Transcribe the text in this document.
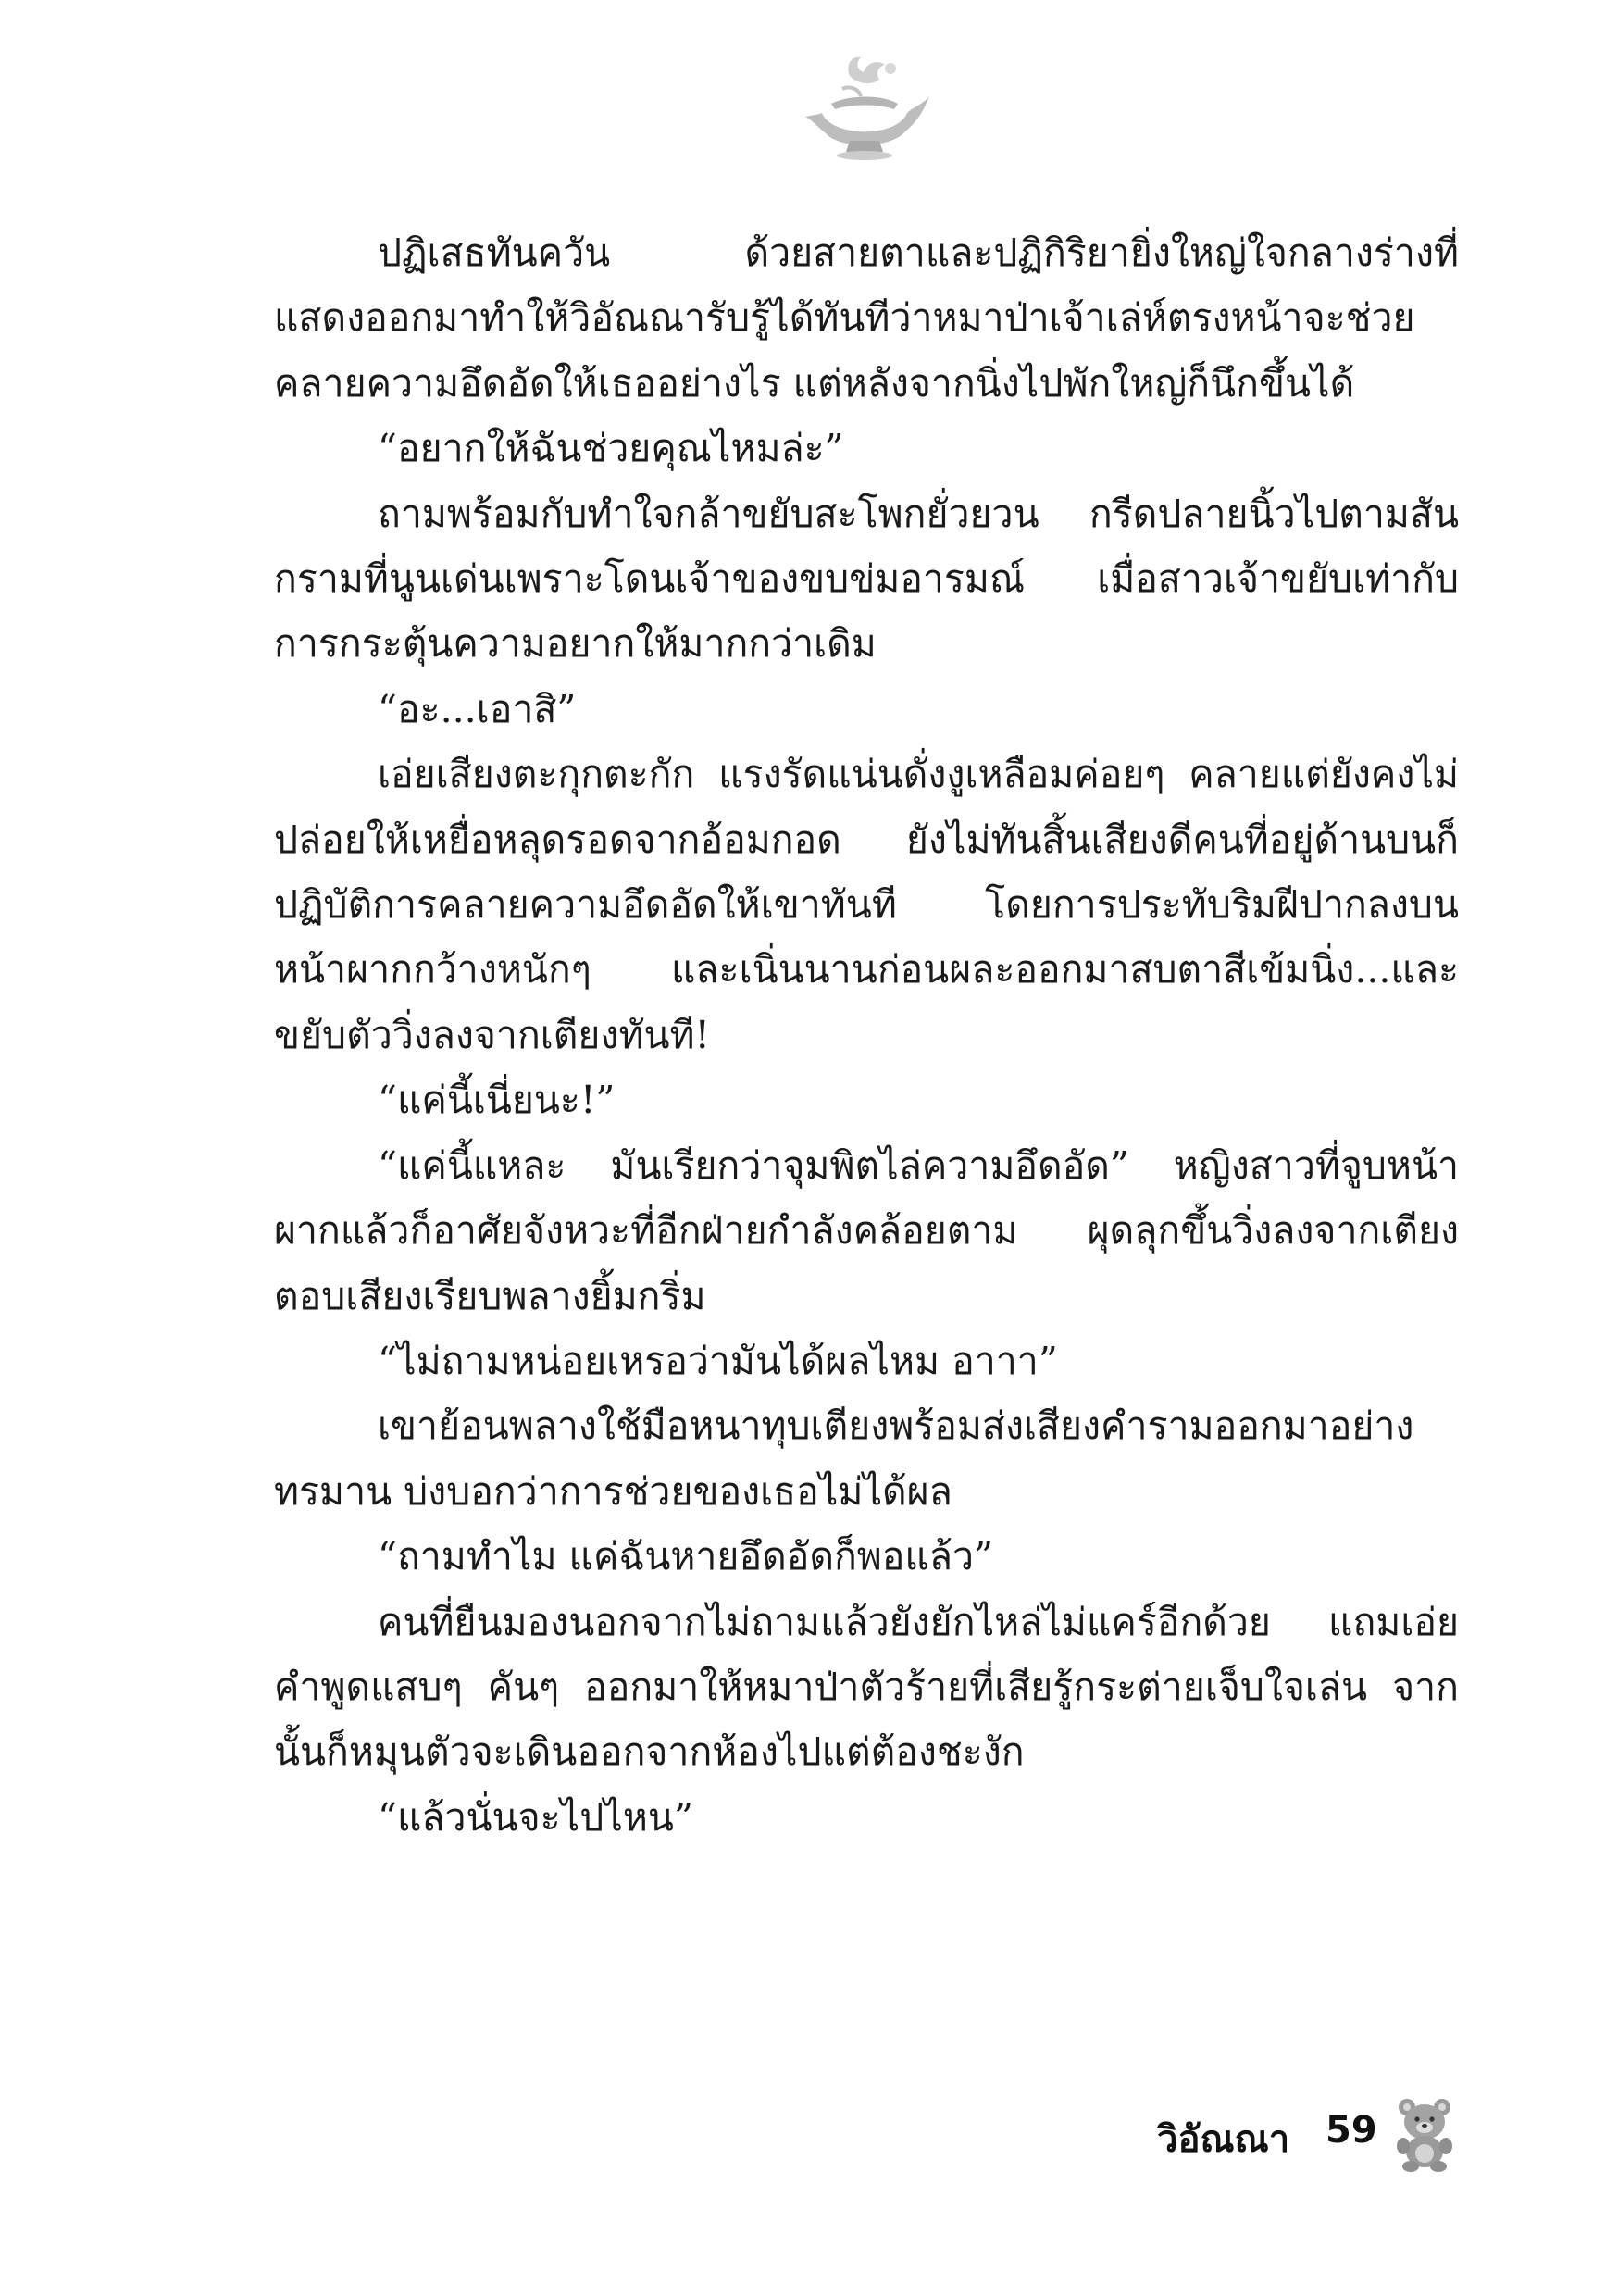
ปฏิเสธทันควัน ด้วยสายตาและปฏิกิริยายิ่งใหญ่ใจกลางร่างที่แสดงออกมาทำให้วิอัณณารับรู้ได้ทันทีว่าหมาป่าเจ้าเล่ห์ตรงหน้าจะช่วยคลายความอึดอัดให้เธออย่างไร แต่หลังจากนิ่งไปพักใหญ่ก็นึกขึ้นได้

“อยากให้ฉันช่วยคุณไหมล่ะ”

ถามพร้อมกับทำใจกล้าขยับสะโพกยั่วยวน กรีดปลายนิ้วไปตามสันกรามที่นูนเด่นเพราะโดนเจ้าของขบข่มอารมณ์ เมื่อสาวเจ้าขยับเท่ากับการกระตุ้นความอยากให้มากกว่าเดิม

“อะ...เอาสิ”

เอ่ยเสียงตะกุกตะกัก แรงรัดแน่นดั่งงูเหลือมค่อยๆ คลายแต่ยังคงไม่ปล่อยให้เหยื่อหลุดรอดจากอ้อมกอด ยังไม่ทันสิ้นเสียงดีคนที่อยู่ด้านบนก็ปฏิบัติการคลายความอึดอัดให้เขาทันที โดยการประทับริมฝีปากลงบนหน้าผากกว้างหนักๆ และเนิ่นนานก่อนผละออกมาสบตาสีเข้มนิ่ง...และขยับตัววิ่งลงจากเตียงทันที!

“แค่นี้เนี่ยนะ!”

“แค่นี้แหละ มันเรียกว่าจุมพิตไล่ความอึดอัด” หญิงสาวที่จูบหน้าผากแล้วก็อาศัยจังหวะที่อีกฝ่ายกำลังคล้อยตาม ผุดลุกขึ้นวิ่งลงจากเตียงตอบเสียงเรียบพลางยิ้มกริ่ม

“ไม่ถามหน่อยเหรอว่ามันได้ผลไหม อาาา”

เขาย้อนพลางใช้มือหนาทุบเตียงพร้อมส่งเสียงคำรามออกมาอย่างทรมาน บ่งบอกว่าการช่วยของเธอไม่ได้ผล

“ถามทำไม แค่ฉันหายอึดอัดก็พอแล้ว”

คนที่ยืนมองนอกจากไม่ถามแล้วยังยักไหล่ไม่แคร์อีกด้วย แถมเอ่ยคำพูดแสบๆ คันๆ ออกมาให้หมาป่าตัวร้ายที่เสียรู้กระต่ายเจ็บใจเล่น จากนั้นก็หมุนตัวจะเดินออกจากห้องไปแต่ต้องชะงัก

“แล้วนั่นจะไปไหน”

วิอัณณา 59
